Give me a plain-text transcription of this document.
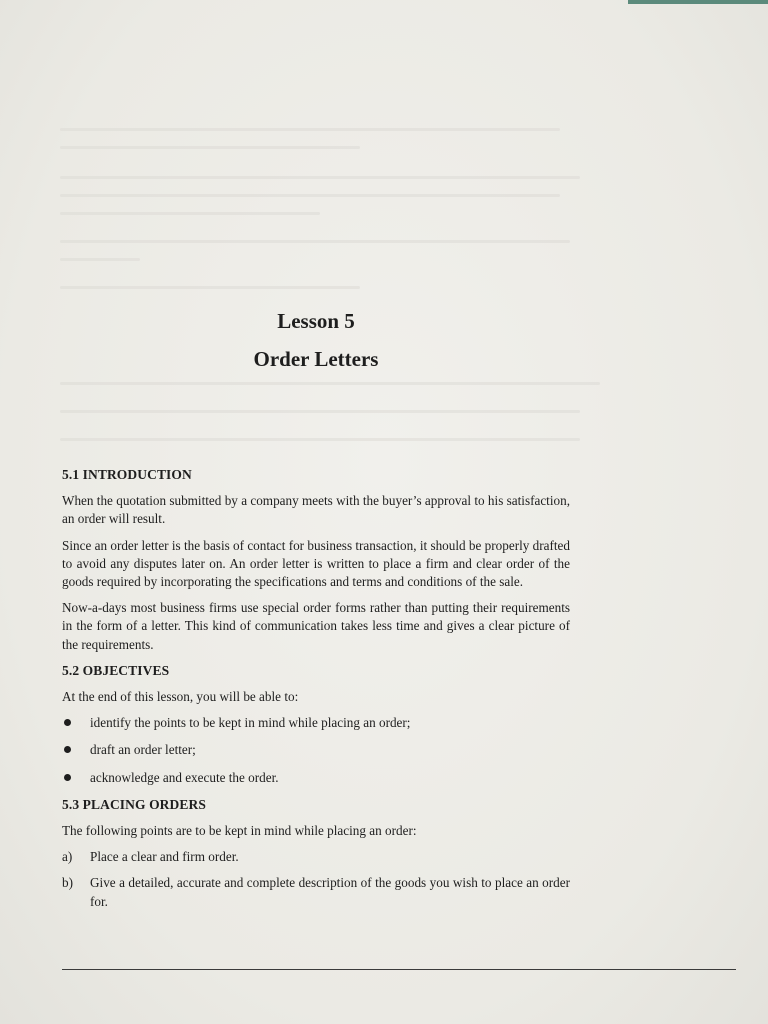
Lesson 5
Order Letters

5.1 INTRODUCTION

When the quotation submitted by a company meets with the buyer’s approval to his satisfaction, an order will result.

Since an order letter is the basis of contact for business transaction, it should be properly drafted to avoid any disputes later on. An order letter is written to place a firm and clear order of the goods required by incorporating the specifications and terms and conditions of the sale.

Now-a-days most business firms use special order forms rather than putting their requirements in the form of a letter. This kind of communication takes less time and gives a clear picture of the requirements.

5.2 OBJECTIVES

At the end of this lesson, you will be able to:

identify the points to be kept in mind while placing an order;
draft an order letter;
acknowledge and execute the order.

5.3 PLACING ORDERS

The following points are to be kept in mind while placing an order:

a) Place a clear and firm order.
b) Give a detailed, accurate and complete description of the goods you wish to place an order for.
